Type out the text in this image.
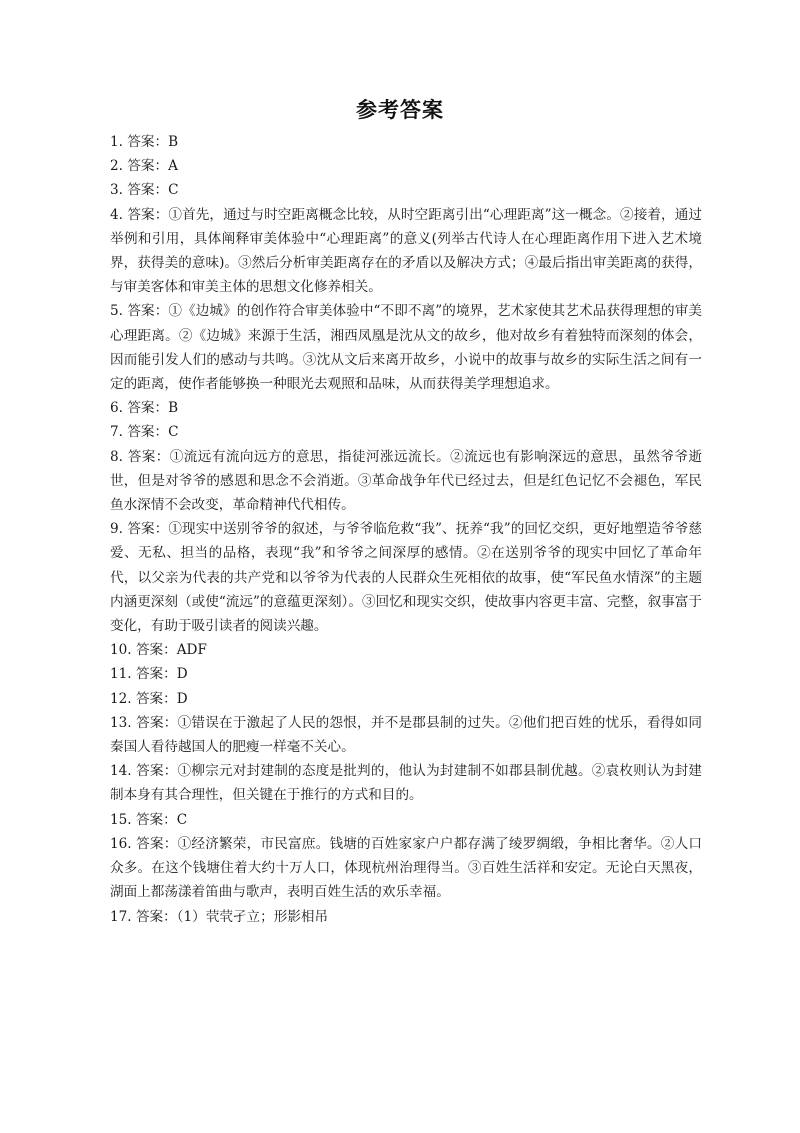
参考答案

1. 答案：B

2. 答案：A

3. 答案：C

4. 答案：①首先，通过与时空距离概念比较，从时空距离引出“心理距离”这一概念。②接着，通过举例和引用，具体阐释审美体验中“心理距离”的意义(列举古代诗人在心理距离作用下进入艺术境界，获得美的意味)。③然后分析审美距离存在的矛盾以及解决方式；④最后指出审美距离的获得，与审美客体和审美主体的思想文化修养相关。

5. 答案：①《边城》的创作符合审美体验中“不即不离”的境界，艺术家使其艺术品获得理想的审美心理距离。②《边城》来源于生活，湘西凤凰是沈从文的故乡，他对故乡有着独特而深刻的体会，因而能引发人们的感动与共鸣。③沈从文后来离开故乡，小说中的故事与故乡的实际生活之间有一定的距离，使作者能够换一种眼光去观照和品味，从而获得美学理想追求。

6. 答案：B

7. 答案：C

8. 答案：①流远有流向远方的意思，指徒河涨远流长。②流远也有影响深远的意思，虽然爷爷逝世，但是对爷爷的感恩和思念不会消逝。③革命战争年代已经过去，但是红色记忆不会褪色，军民鱼水深情不会改变，革命精神代代相传。

9. 答案：①现实中送别爷爷的叙述，与爷爷临危救“我”、抚养“我”的回忆交织，更好地塑造爷爷慈爱、无私、担当的品格，表现“我”和爷爷之间深厚的感情。②在送别爷爷的现实中回忆了革命年代，以父亲为代表的共产党和以爷爷为代表的人民群众生死相依的故事，使“军民鱼水情深”的主题内涵更深刻（或使“流远”的意蕴更深刻）。③回忆和现实交织，使故事内容更丰富、完整，叙事富于变化，有助于吸引读者的阅读兴趣。

10. 答案：ADF

11. 答案：D

12. 答案：D

13. 答案：①错误在于激起了人民的怨恨，并不是郡县制的过失。②他们把百姓的忧乐，看得如同秦国人看待越国人的肥瘦一样毫不关心。

14. 答案：①柳宗元对封建制的态度是批判的，他认为封建制不如郡县制优越。②袁枚则认为封建制本身有其合理性，但关键在于推行的方式和目的。

15. 答案：C

16. 答案：①经济繁荣，市民富庶。钱塘的百姓家家户户都存满了绫罗绸缎，争相比奢华。②人口众多。在这个钱塘住着大约十万人口，体现杭州治理得当。③百姓生活祥和安定。无论白天黑夜，湖面上都荡漾着笛曲与歌声，表明百姓生活的欢乐幸福。

17. 答案：（1）茕茕孑立；形影相吊
